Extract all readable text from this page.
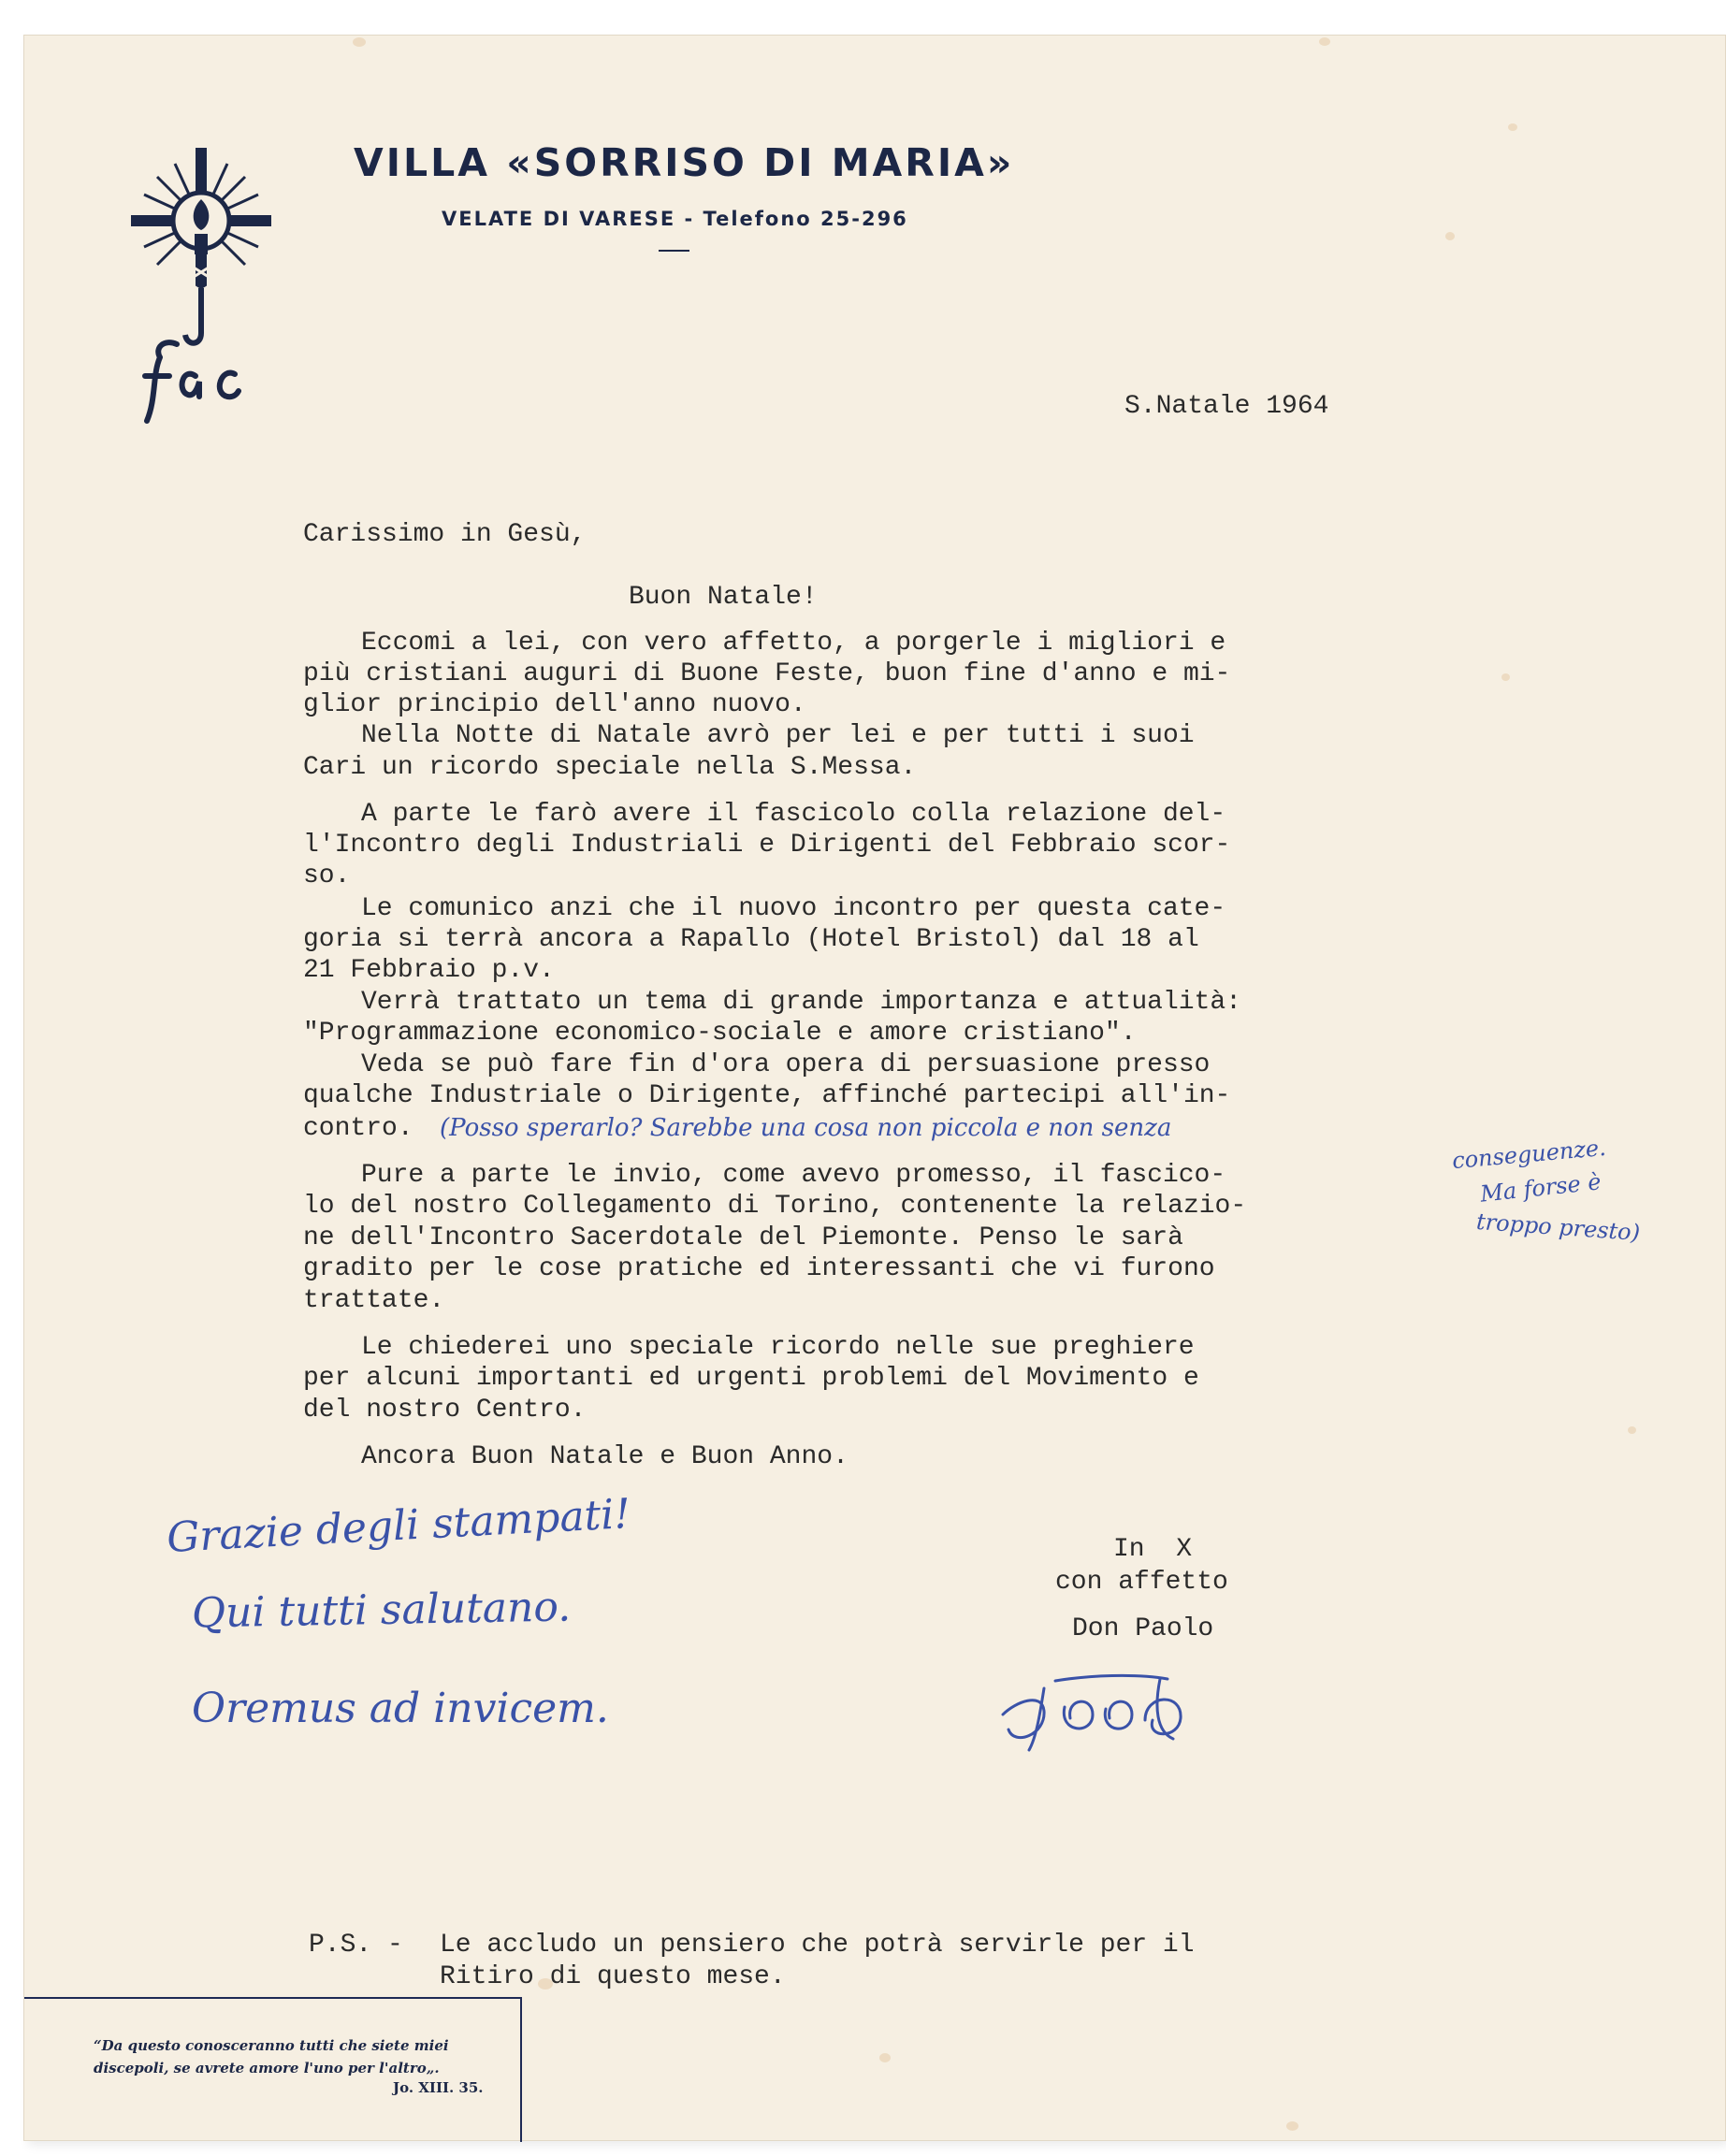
VILLA «SORRISO DI MARIA»
VELATE DI VARESE - Telefono 25-296

S.Natale 1964

Carissimo in Gesù,

Buon Natale!

Eccomi a lei, con vero affetto, a porgerle i migliori e

più cristiani auguri di Buone Feste, buon fine d'anno e mi-

glior principio dell'anno nuovo.

Nella Notte di Natale avrò per lei e per tutti i suoi

Cari un ricordo speciale nella S.Messa.

A parte le farò avere il fascicolo colla relazione del-

l'Incontro degli Industriali e Dirigenti del Febbraio scor-

so.

Le comunico anzi che il nuovo incontro per questa cate-

goria si terrà ancora a Rapallo (Hotel Bristol) dal 18 al

21 Febbraio p.v.

Verrà trattato un tema di grande importanza e attualità:

"Programmazione economico-sociale e amore cristiano".

Veda se può fare fin d'ora opera di persuasione presso

qualche Industriale o Dirigente, affinché partecipi all'in-

contro.

Pure a parte le invio, come avevo promesso, il fascico-

lo del nostro Collegamento di Torino, contenente la relazio-

ne dell'Incontro Sacerdotale del Piemonte. Penso le sarà

gradito per le cose pratiche ed interessanti che vi furono

trattate.

Le chiederei uno speciale ricordo nelle sue preghiere

per alcuni importanti ed urgenti problemi del Movimento e

del nostro Centro.

Ancora Buon Natale e Buon Anno.

In  X

con affetto

Don Paolo

P.S. - Le accludo un pensiero che potrà servirle per il

Ritiro di questo mese.

(Posso sperarlo? Sarebbe una cosa non piccola e non senza

conseguenze.

Ma forse è

troppo presto)

Grazie degli stampati!

Qui tutti salutano.

Oremus ad invicem.

“Da questo conosceranno tutti che siete miei discepoli, se avrete amore l'uno per l'altro„.

Jo. XIII. 35.
